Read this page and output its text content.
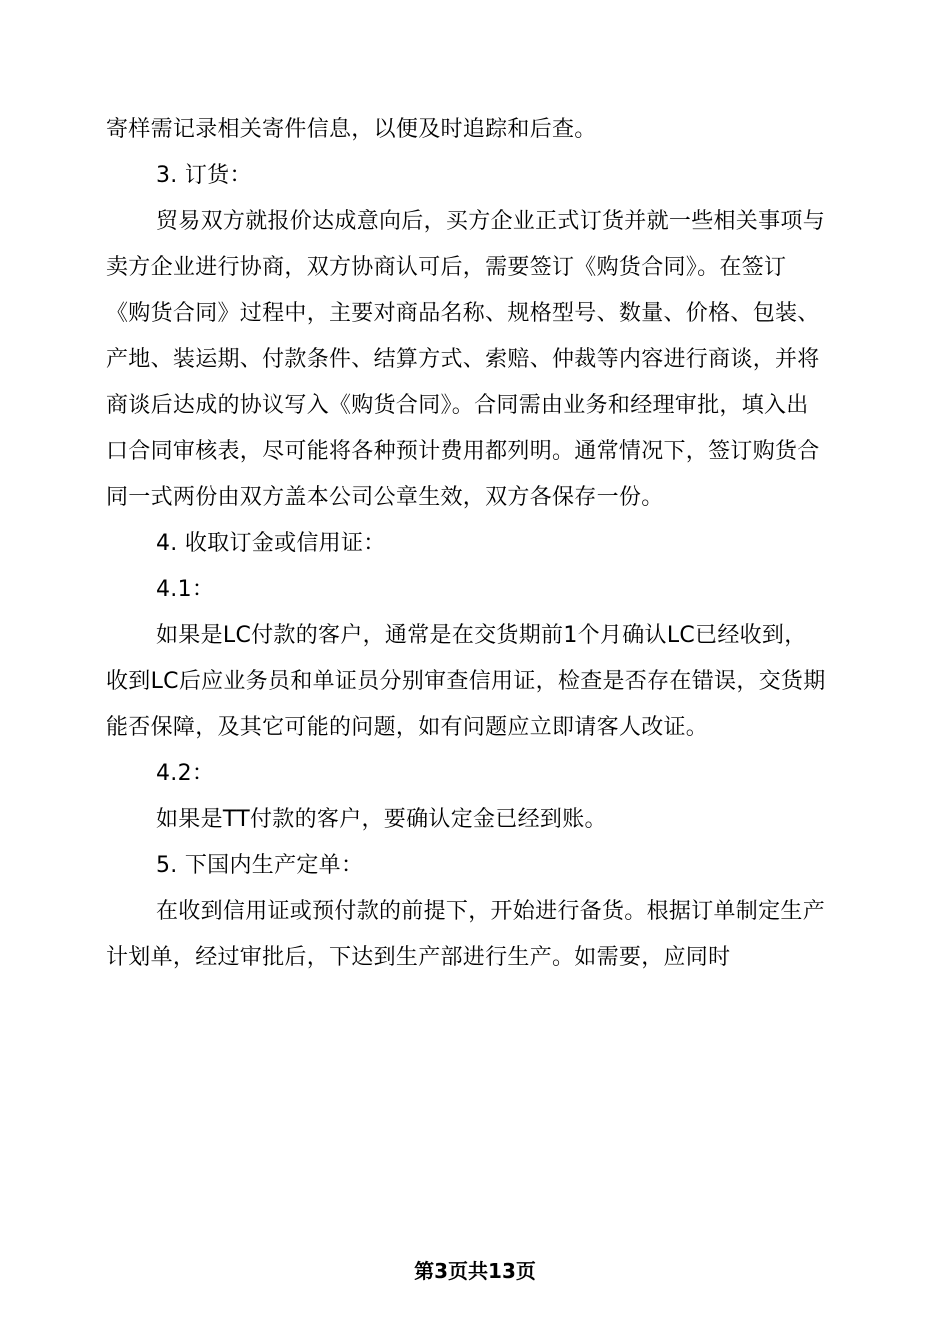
寄样需记录相关寄件信息，以便及时追踪和后查。
3. 订货：
贸易双方就报价达成意向后，买方企业正式订货并就一些相关事项与
卖方企业进行协商，双方协商认可后，需要签订《购货合同》。在签订
《购货合同》过程中，主要对商品名称、规格型号、数量、价格、包装、
产地、装运期、付款条件、结算方式、索赔、仲裁等内容进行商谈，并将
商谈后达成的协议写入《购货合同》。合同需由业务和经理审批，填入出
口合同审核表，尽可能将各种预计费用都列明。通常情况下，签订购货合
同一式两份由双方盖本公司公章生效，双方各保存一份。
4. 收取订金或信用证：
4.1：
如果是LC付款的客户，通常是在交货期前1个月确认LC已经收到，
收到LC后应业务员和单证员分别审查信用证，检查是否存在错误，交货期
能否保障，及其它可能的问题，如有问题应立即请客人改证。
4.2：
如果是TT付款的客户，要确认定金已经到账。
5. 下国内生产定单：
在收到信用证或预付款的前提下，开始进行备货。根据订单制定生产
计划单，经过审批后，下达到生产部进行生产。如需要，应同时
第3页共13页
